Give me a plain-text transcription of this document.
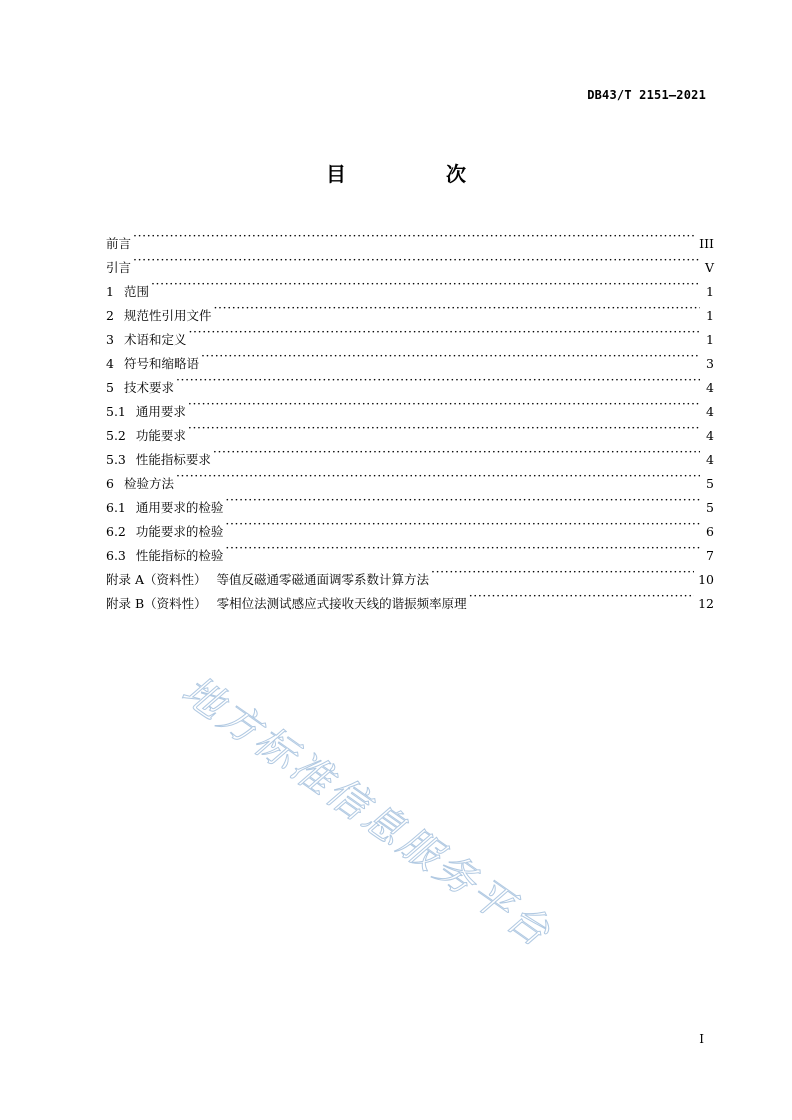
DB43/T 2151—2021
目　次
前言 ·····	III
引言 ·····	V
1 范围 ·····	1
2 规范性引用文件 ·····	1
3 术语和定义 ·····	1
4 符号和缩略语 ·····	3
5 技术要求 ·····	4
5.1 通用要求 ·····	4
5.2 功能要求 ·····	4
5.3 性能指标要求 ·····	4
6 检验方法 ·····	5
6.1 通用要求的检验 ·····	5
6.2 功能要求的检验 ·····	6
6.3 性能指标的检验 ·····	7
附录 A（资料性） 等值反磁通零磁通面调零系数计算方法 ·····	10
附录 B（资料性） 零相位法测试感应式接收天线的谐振频率原理 ·····	12
地方标准信息服务平台
I
